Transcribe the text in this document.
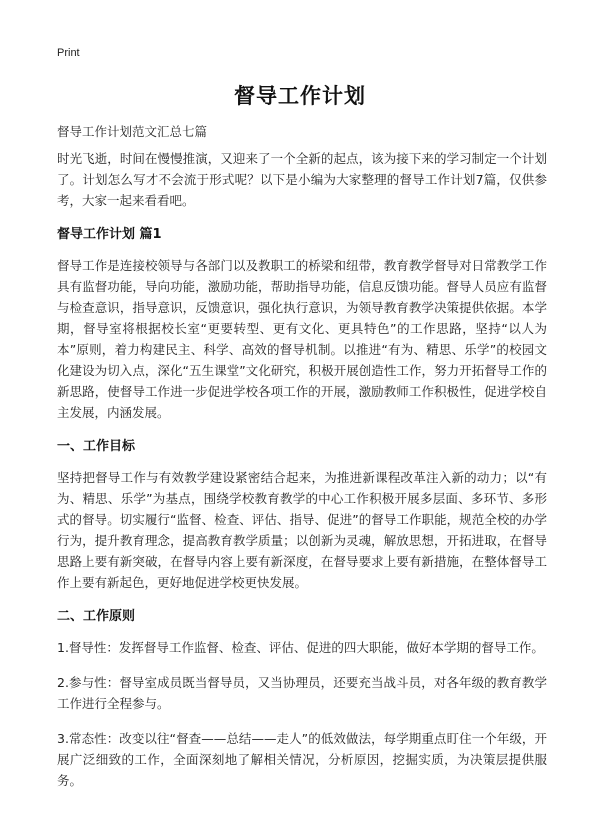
Print
督导工作计划
督导工作计划范文汇总七篇

时光飞逝，时间在慢慢推演，又迎来了一个全新的起点，该为接下来的学习制定一个计划了。计划怎么写才不会流于形式呢？以下是小编为大家整理的督导工作计划7篇，仅供参考，大家一起来看看吧。

督导工作计划 篇1

督导工作是连接校领导与各部门以及教职工的桥梁和纽带，教育教学督导对日常教学工作具有监督功能，导向功能，激励功能，帮助指导功能，信息反馈功能。督导人员应有监督与检查意识，指导意识，反馈意识，强化执行意识，为领导教育教学决策提供依据。本学期，督导室将根据校长室“更要转型、更有文化、更具特色”的工作思路，坚持“以人为本”原则，着力构建民主、科学、高效的督导机制。以推进“有为、精思、乐学”的校园文化建设为切入点，深化“五生课堂”文化研究，积极开展创造性工作，努力开拓督导工作的新思路，使督导工作进一步促进学校各项工作的开展，激励教师工作积极性，促进学校自主发展，内涵发展。

一、工作目标

坚持把督导工作与有效教学建设紧密结合起来，为推进新课程改革注入新的动力；以“有为、精思、乐学”为基点，围绕学校教育教学的中心工作积极开展多层面、多环节、多形式的督导。切实履行“监督、检查、评估、指导、促进”的督导工作职能，规范全校的办学行为，提升教育理念，提高教育教学质量；以创新为灵魂，解放思想，开拓进取，在督导思路上要有新突破，在督导内容上要有新深度，在督导要求上要有新措施，在整体督导工作上要有新起色，更好地促进学校更快发展。

二、工作原则

1.督导性：发挥督导工作监督、检查、评估、促进的四大职能，做好本学期的督导工作。

2.参与性：督导室成员既当督导员，又当协理员，还要充当战斗员，对各年级的教育教学工作进行全程参与。

3.常态性：改变以往“督查——总结——走人”的低效做法，每学期重点盯住一个年级，开展广泛细致的工作，全面深刻地了解相关情况，分析原因，挖掘实质，为决策层提供服务。
